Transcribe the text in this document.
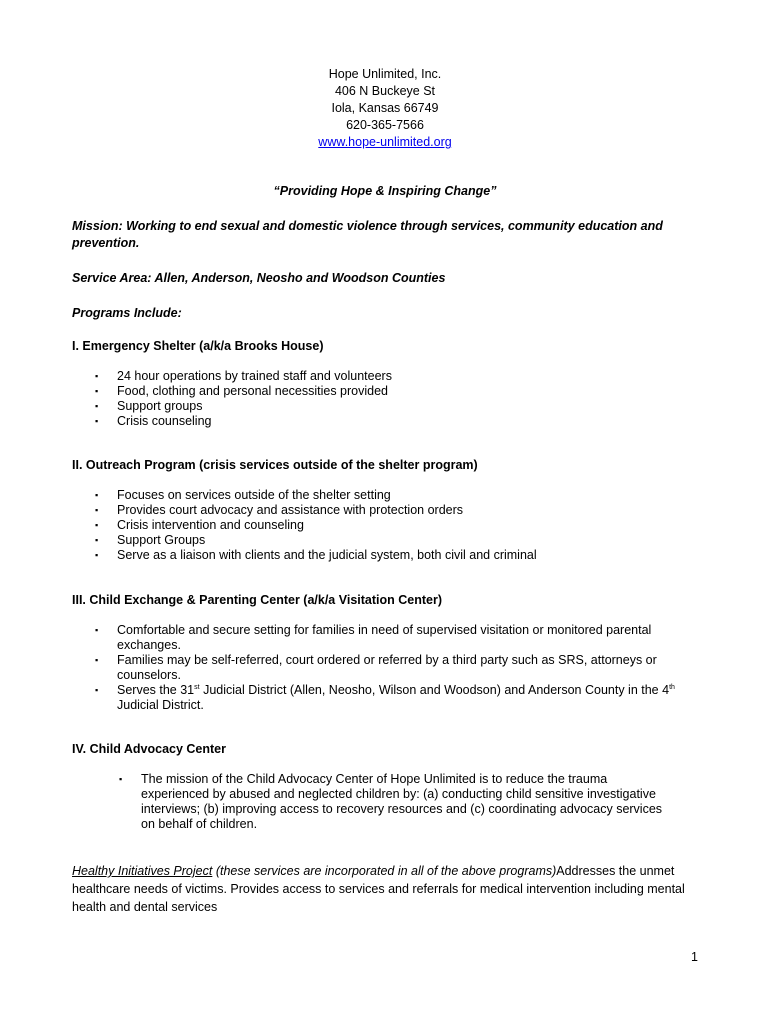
Hope Unlimited, Inc.
406 N Buckeye St
Iola, Kansas 66749
620-365-7566
www.hope-unlimited.org
“Providing Hope & Inspiring Change”
Mission: Working to end sexual and domestic violence through services, community education and prevention.
Service Area: Allen, Anderson, Neosho and Woodson Counties
Programs Include:
I. Emergency Shelter (a/k/a Brooks House)
▪ 24 hour operations by trained staff and volunteers
▪ Food, clothing and personal necessities provided
▪ Support groups
▪ Crisis counseling
II. Outreach Program (crisis services outside of the shelter program)
▪ Focuses on services outside of the shelter setting
▪ Provides court advocacy and assistance with protection orders
▪ Crisis intervention and counseling
▪ Support Groups
▪ Serve as a liaison with clients and the judicial system, both civil and criminal
III. Child Exchange & Parenting Center (a/k/a Visitation Center)
▪ Comfortable and secure setting for families in need of supervised visitation or monitored parental exchanges.
▪ Families may be self-referred, court ordered or referred by a third party such as SRS, attorneys or counselors.
▪ Serves the 31st Judicial District (Allen, Neosho, Wilson and Woodson) and Anderson County in the 4th Judicial District.
IV. Child Advocacy Center
▪ The mission of the Child Advocacy Center of Hope Unlimited is to reduce the trauma experienced by abused and neglected children by: (a) conducting child sensitive investigative interviews; (b) improving access to recovery resources and (c) coordinating advocacy services on behalf of children.
Healthy Initiatives Project (these services are incorporated in all of the above programs)Addresses the unmet healthcare needs of victims. Provides access to services and referrals for medical intervention including mental health and dental services
1
